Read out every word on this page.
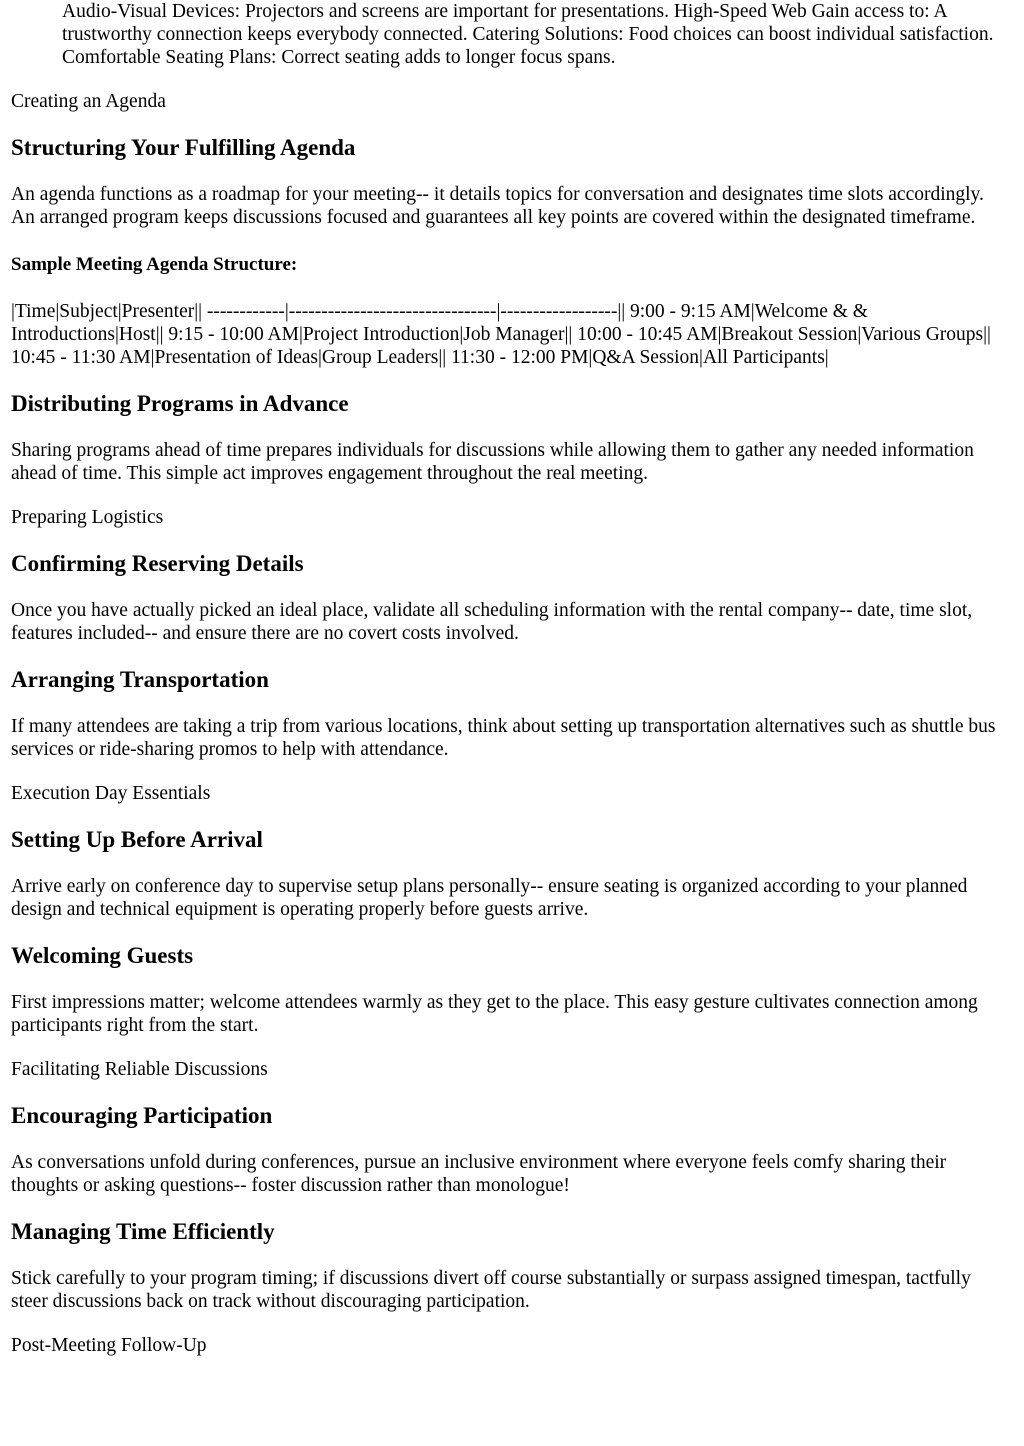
Audio-Visual Devices: Projectors and screens are important for presentations. High-Speed Web Gain access to: A trustworthy connection keeps everybody connected. Catering Solutions: Food choices can boost individual satisfaction. Comfortable Seating Plans: Correct seating adds to longer focus spans.

Creating an Agenda

Structuring Your Fulfilling Agenda

An agenda functions as a roadmap for your meeting-- it details topics for conversation and designates time slots accordingly. An arranged program keeps discussions focused and guarantees all key points are covered within the designated timeframe.

Sample Meeting Agenda Structure:

|Time|Subject|Presenter|| ------------|--------------------------------|------------------|| 9:00 - 9:15 AM|Welcome & & Introductions|Host|| 9:15 - 10:00 AM|Project Introduction|Job Manager|| 10:00 - 10:45 AM|Breakout Session|Various Groups|| 10:45 - 11:30 AM|Presentation of Ideas|Group Leaders|| 11:30 - 12:00 PM|Q&A Session|All Participants|

Distributing Programs in Advance

Sharing programs ahead of time prepares individuals for discussions while allowing them to gather any needed information ahead of time. This simple act improves engagement throughout the real meeting.

Preparing Logistics

Confirming Reserving Details

Once you have actually picked an ideal place, validate all scheduling information with the rental company-- date, time slot, features included-- and ensure there are no covert costs involved.

Arranging Transportation

If many attendees are taking a trip from various locations, think about setting up transportation alternatives such as shuttle bus services or ride-sharing promos to help with attendance.

Execution Day Essentials

Setting Up Before Arrival

Arrive early on conference day to supervise setup plans personally-- ensure seating is organized according to your planned design and technical equipment is operating properly before guests arrive.

Welcoming Guests

First impressions matter; welcome attendees warmly as they get to the place. This easy gesture cultivates connection among participants right from the start.

Facilitating Reliable Discussions

Encouraging Participation

As conversations unfold during conferences, pursue an inclusive environment where everyone feels comfy sharing their thoughts or asking questions-- foster discussion rather than monologue!

Managing Time Efficiently

Stick carefully to your program timing; if discussions divert off course substantially or surpass assigned timespan, tactfully steer discussions back on track without discouraging participation.

Post-Meeting Follow-Up
